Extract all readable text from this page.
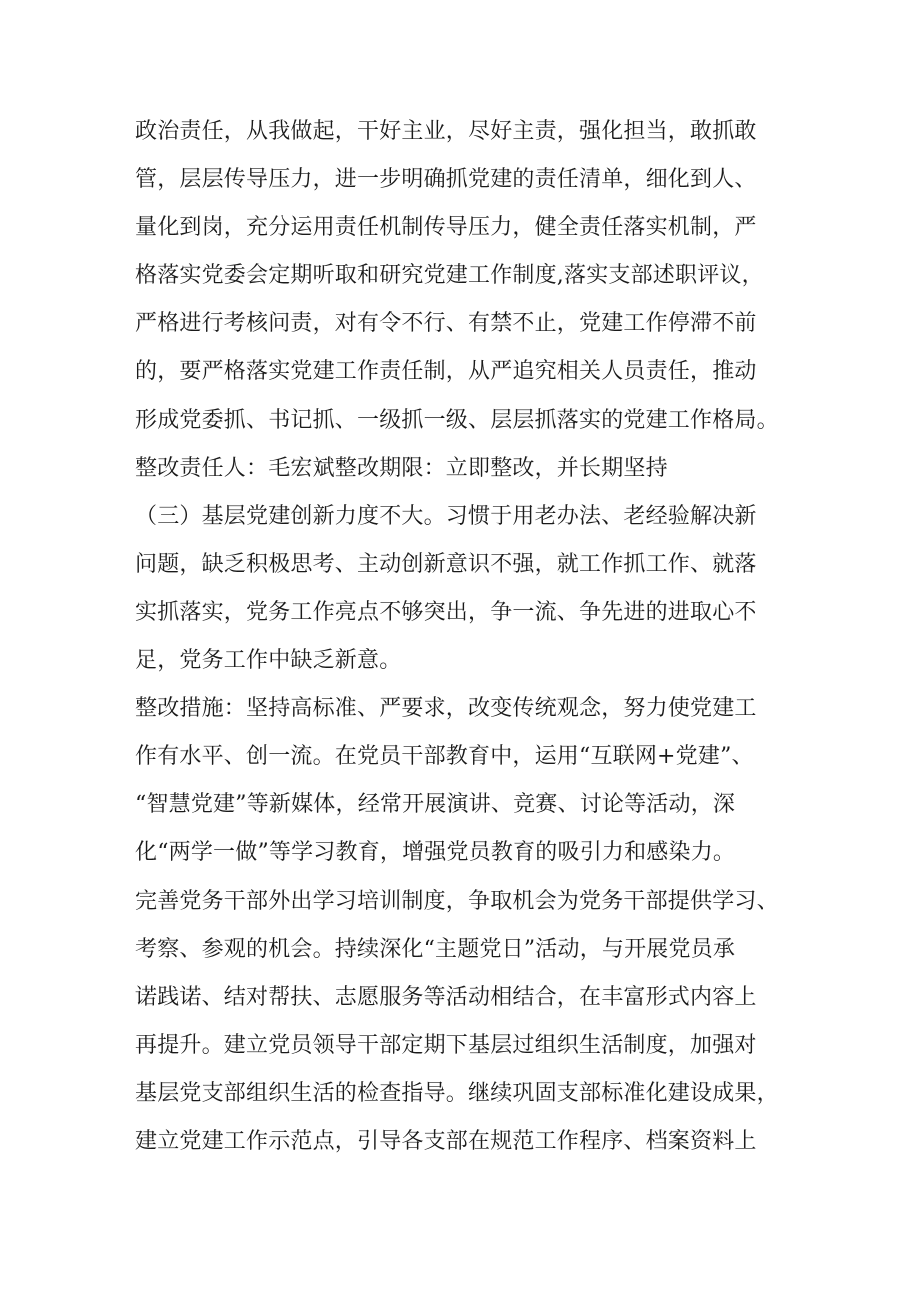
政治责任，从我做起，干好主业，尽好主责，强化担当，敢抓敢
管，层层传导压力，进一步明确抓党建的责任清单，细化到人、
量化到岗，充分运用责任机制传导压力，健全责任落实机制，严
格落实党委会定期听取和研究党建工作制度,落实支部述职评议，
严格进行考核问责，对有令不行、有禁不止，党建工作停滞不前
的，要严格落实党建工作责任制，从严追究相关人员责任，推动
形成党委抓、书记抓、一级抓一级、层层抓落实的党建工作格局。
整改责任人：毛宏斌整改期限：立即整改，并长期坚持
（三）基层党建创新力度不大。习惯于用老办法、老经验解决新
问题，缺乏积极思考、主动创新意识不强，就工作抓工作、就落
实抓落实，党务工作亮点不够突出，争一流、争先进的进取心不
足，党务工作中缺乏新意。
整改措施：坚持高标准、严要求，改变传统观念，努力使党建工
作有水平、创一流。在党员干部教育中，运用“互联网+党建”、
“智慧党建”等新媒体，经常开展演讲、竞赛、讨论等活动，深
化“两学一做”等学习教育，增强党员教育的吸引力和感染力。
完善党务干部外出学习培训制度，争取机会为党务干部提供学习、
考察、参观的机会。持续深化“主题党日”活动，与开展党员承
诺践诺、结对帮扶、志愿服务等活动相结合，在丰富形式内容上
再提升。建立党员领导干部定期下基层过组织生活制度，加强对
基层党支部组织生活的检查指导。继续巩固支部标准化建设成果，
建立党建工作示范点，引导各支部在规范工作程序、档案资料上
